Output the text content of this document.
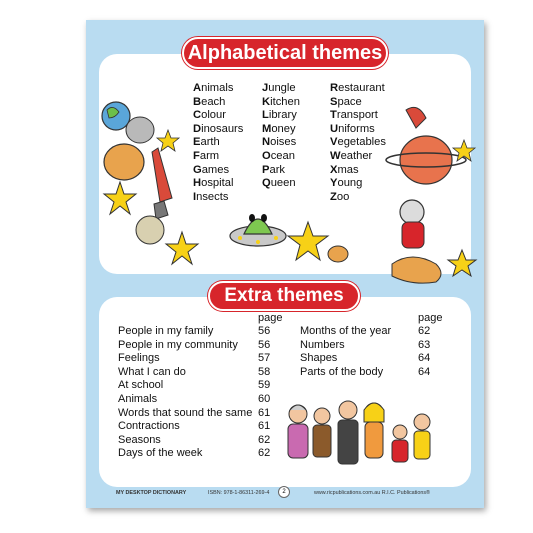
Alphabetical themes
Animals
Beach
Colour
Dinosaurs
Earth
Farm
Games
Hospital
Insects
Jungle
Kitchen
Library
Money
Noises
Ocean
Park
Queen
Restaurant
Space
Transport
Uniforms
Vegetables
Weather
Xmas
Young
Zoo
Extra themes
page	page
People in my family	56
People in my community	56
Feelings	57
What I can do	58
At school	59
Animals	60
Words that sound the same 61
Contractions	61
Seasons	62
Days of the week	62
Months of the year	62
Numbers	63
Shapes	64
Parts of the body	64
MY DESKTOP DICTIONARY	ISBN: 978-1-86311-269-4	2	www.ricpublications.com.au R.I.C. Publications®
